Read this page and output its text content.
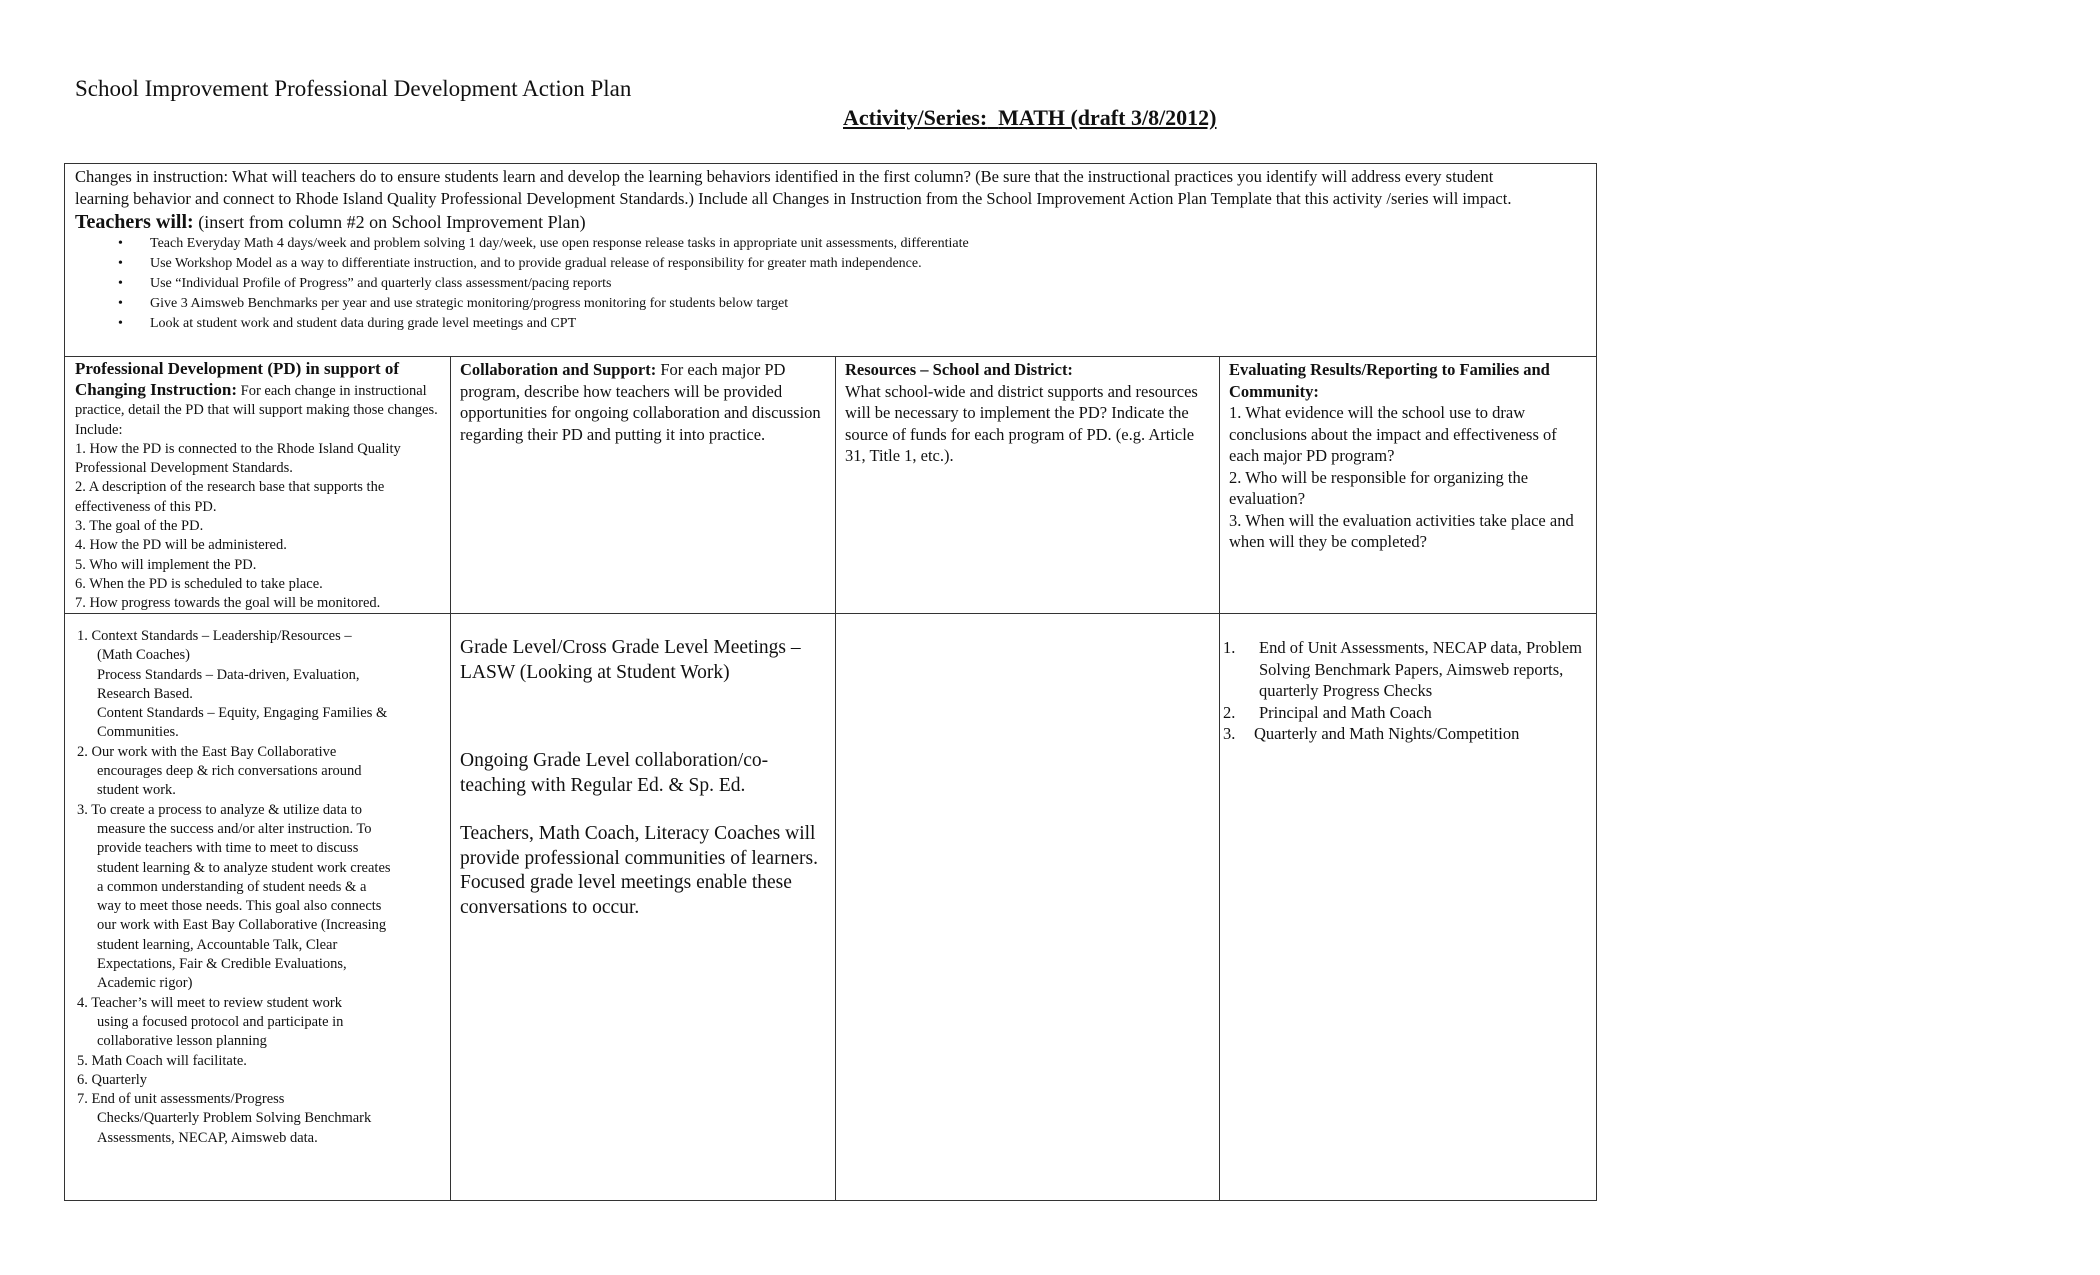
School Improvement Professional Development Action Plan
Activity/Series: MATH (draft 3/8/2012)
Changes in instruction: What will teachers do to ensure students learn and develop the learning behaviors identified in the first column? (Be sure that the instructional practices you identify will address every student learning behavior and connect to Rhode Island Quality Professional Development Standards.) Include all Changes in Instruction from the School Improvement Action Plan Template that this activity /series will impact.
Teachers will: (insert from column #2 on School Improvement Plan)
• Teach Everyday Math 4 days/week and problem solving 1 day/week, use open response release tasks in appropriate unit assessments, differentiate
• Use Workshop Model as a way to differentiate instruction, and to provide gradual release of responsibility for greater math independence.
• Use “Individual Profile of Progress” and quarterly class assessment/pacing reports
• Give 3 Aimsweb Benchmarks per year and use strategic monitoring/progress monitoring for students below target
• Look at student work and student data during grade level meetings and CPT
Professional Development (PD) in support of Changing Instruction: For each change in instructional practice, detail the PD that will support making those changes. Include:
1. How the PD is connected to the Rhode Island Quality Professional Development Standards.
2. A description of the research base that supports the effectiveness of this PD.
3. The goal of the PD.
4. How the PD will be administered.
5. Who will implement the PD.
6. When the PD is scheduled to take place.
7. How progress towards the goal will be monitored.
Collaboration and Support: For each major PD program, describe how teachers will be provided opportunities for ongoing collaboration and discussion regarding their PD and putting it into practice.
Resources – School and District:
What school-wide and district supports and resources will be necessary to implement the PD? Indicate the source of funds for each program of PD. (e.g. Article 31, Title 1, etc.).
Evaluating Results/Reporting to Families and Community:
1. What evidence will the school use to draw conclusions about the impact and effectiveness of each major PD program?
2. Who will be responsible for organizing the evaluation?
3. When will the evaluation activities take place and when will they be completed?
1. Context Standards – Leadership/Resources –
(Math Coaches)
Process Standards – Data-driven, Evaluation,
Research Based.
Content Standards – Equity, Engaging Families &
Communities.
2. Our work with the East Bay Collaborative
encourages deep & rich conversations around
student work.
3. To create a process to analyze & utilize data to
measure the success and/or alter instruction. To
provide teachers with time to meet to discuss
student learning & to analyze student work creates
a common understanding of student needs & a
way to meet those needs. This goal also connects
our work with East Bay Collaborative (Increasing
student learning, Accountable Talk, Clear
Expectations, Fair & Credible Evaluations,
Academic rigor)
4. Teacher’s will meet to review student work
using a focused protocol and participate in
collaborative lesson planning
5. Math Coach will facilitate.
6. Quarterly
7. End of unit assessments/Progress
Checks/Quarterly Problem Solving Benchmark
Assessments, NECAP, Aimsweb data.
Grade Level/Cross Grade Level Meetings – LASW (Looking at Student Work)
Ongoing Grade Level collaboration/co-teaching with Regular Ed. & Sp. Ed.
Teachers, Math Coach, Literacy Coaches will provide professional communities of learners. Focused grade level meetings enable these conversations to occur.
1. End of Unit Assessments, NECAP data, Problem Solving Benchmark Papers, Aimsweb reports, quarterly Progress Checks
2. Principal and Math Coach
3. Quarterly and Math Nights/Competition
